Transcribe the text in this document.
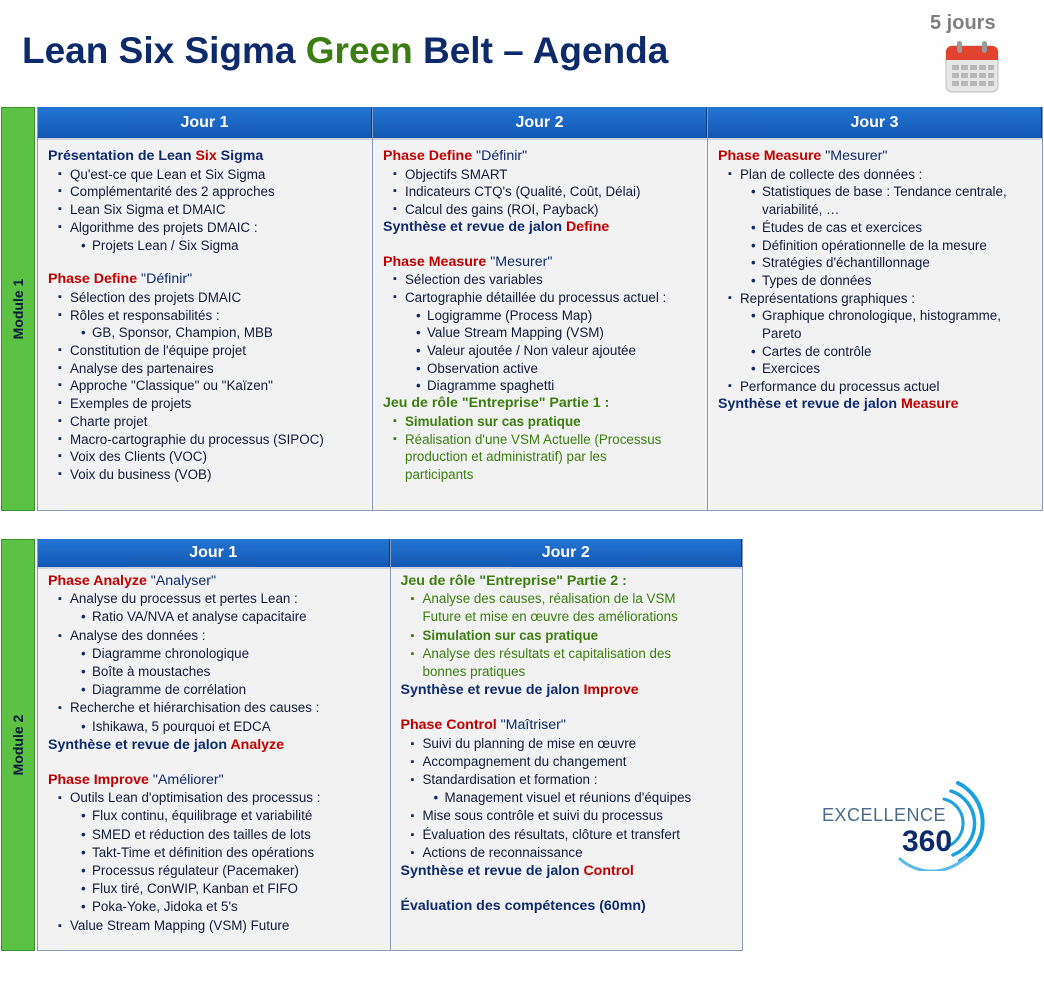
Lean Six Sigma Green Belt – Agenda
5 jours
Module 1
Jour 1
Présentation de Lean Six Sigma
▪ Qu'est-ce que Lean et Six Sigma
▪ Complémentarité des 2 approches
▪ Lean Six Sigma et DMAIC
▪ Algorithme des projets DMAIC :
• Projets Lean / Six Sigma
Phase Define "Définir"
▪ Sélection des projets DMAIC
▪ Rôles et responsabilités :
• GB, Sponsor, Champion, MBB
▪ Constitution de l'équipe projet
▪ Analyse des partenaires
▪ Approche "Classique" ou "Kaïzen"
▪ Exemples de projets
▪ Charte projet
▪ Macro-cartographie du processus (SIPOC)
▪ Voix des Clients (VOC)
▪ Voix du business (VOB)
Jour 2
Phase Define "Définir"
▪ Objectifs SMART
▪ Indicateurs CTQ's (Qualité, Coût, Délai)
▪ Calcul des gains (ROI, Payback)
Synthèse et revue de jalon Define
Phase Measure "Mesurer"
▪ Sélection des variables
▪ Cartographie détaillée du processus actuel :
• Logigramme (Process Map)
• Value Stream Mapping (VSM)
• Valeur ajoutée / Non valeur ajoutée
• Observation active
• Diagramme spaghetti
Jeu de rôle "Entreprise" Partie 1 :
▪ Simulation sur cas pratique
▪ Réalisation d'une VSM Actuelle (Processus
production et administratif) par les
participants
Jour 3
Phase Measure "Mesurer"
▪ Plan de collecte des données :
• Statistiques de base : Tendance centrale,
variabilité, …
• Études de cas et exercices
• Définition opérationnelle de la mesure
• Stratégies d'échantillonnage
• Types de données
▪ Représentations graphiques :
• Graphique chronologique, histogramme,
Pareto
• Cartes de contrôle
• Exercices
▪ Performance du processus actuel
Synthèse et revue de jalon Measure
Module 2
Jour 1
Phase Analyze "Analyser"
▪ Analyse du processus et pertes Lean :
• Ratio VA/NVA et analyse capacitaire
▪ Analyse des données :
• Diagramme chronologique
• Boîte à moustaches
• Diagramme de corrélation
▪ Recherche et hiérarchisation des causes :
• Ishikawa, 5 pourquoi et EDCA
Synthèse et revue de jalon Analyze
Phase Improve "Améliorer"
▪ Outils Lean d'optimisation des processus :
• Flux continu, équilibrage et variabilité
• SMED et réduction des tailles de lots
• Takt-Time et définition des opérations
• Processus régulateur (Pacemaker)
• Flux tiré, ConWIP, Kanban et FIFO
• Poka-Yoke, Jidoka et 5's
▪ Value Stream Mapping (VSM) Future
Jour 2
Jeu de rôle "Entreprise" Partie 2 :
▪ Analyse des causes, réalisation de la VSM
Future et mise en œuvre des améliorations
▪ Simulation sur cas pratique
▪ Analyse des résultats et capitalisation des
bonnes pratiques
Synthèse et revue de jalon Improve
Phase Control "Maîtriser"
▪ Suivi du planning de mise en œuvre
▪ Accompagnement du changement
▪ Standardisation et formation :
• Management visuel et réunions d'équipes
▪ Mise sous contrôle et suivi du processus
▪ Évaluation des résultats, clôture et transfert
▪ Actions de reconnaissance
Synthèse et revue de jalon Control
Évaluation des compétences (60mn)
EXCELLENCE
360
